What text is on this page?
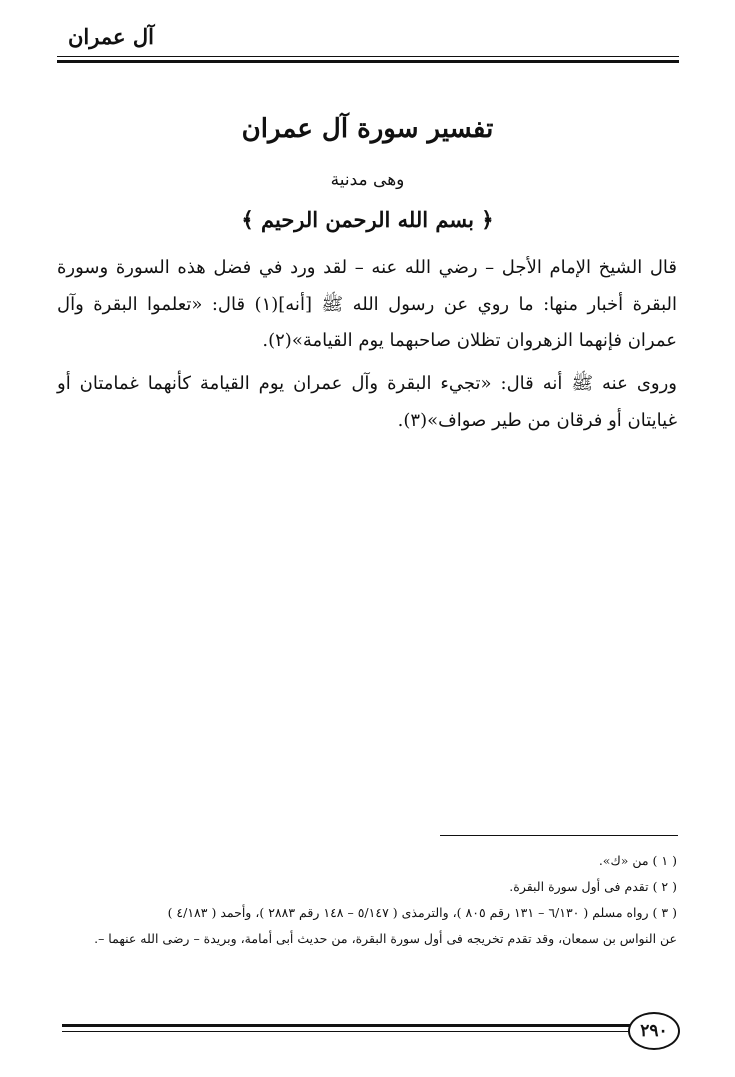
آل عمران
تفسير سورة آل عمران
وهى مدنية
﴿ بسم الله الرحمن الرحيم ﴾
قال الشيخ الإمام الأجل – رضي الله عنه – لقد ورد في فضل هذه السورة وسورة البقرة أخبار منها: ما روي عن رسول الله ﷺ [أنه](١) قال: «تعلموا البقرة وآل عمران فإنهما الزهروان تظلان صاحبهما يوم القيامة»(٢).
وروى عنه ﷺ أنه قال: «تجيء البقرة وآل عمران يوم القيامة كأنهما غمامتان أو غيايتان أو فرقان من طير صواف»(٣).
( ١ ) من «ك».
( ٢ ) تقدم فى أول سورة البقرة.
( ٣ ) رواه مسلم ( ٦/١٣٠ – ١٣١ رقم ٨٠٥ )، والترمذى ( ٥/١٤٧ – ١٤٨ رقم ٢٨٨٣ )، وأحمد ( ٤/١٨٣ )
عن النواس بن سمعان، وقد تقدم تخريجه فى أول سورة البقرة، من حديث أبى أمامة، وبريدة – رضى الله عنهما –.
٢٩٠
